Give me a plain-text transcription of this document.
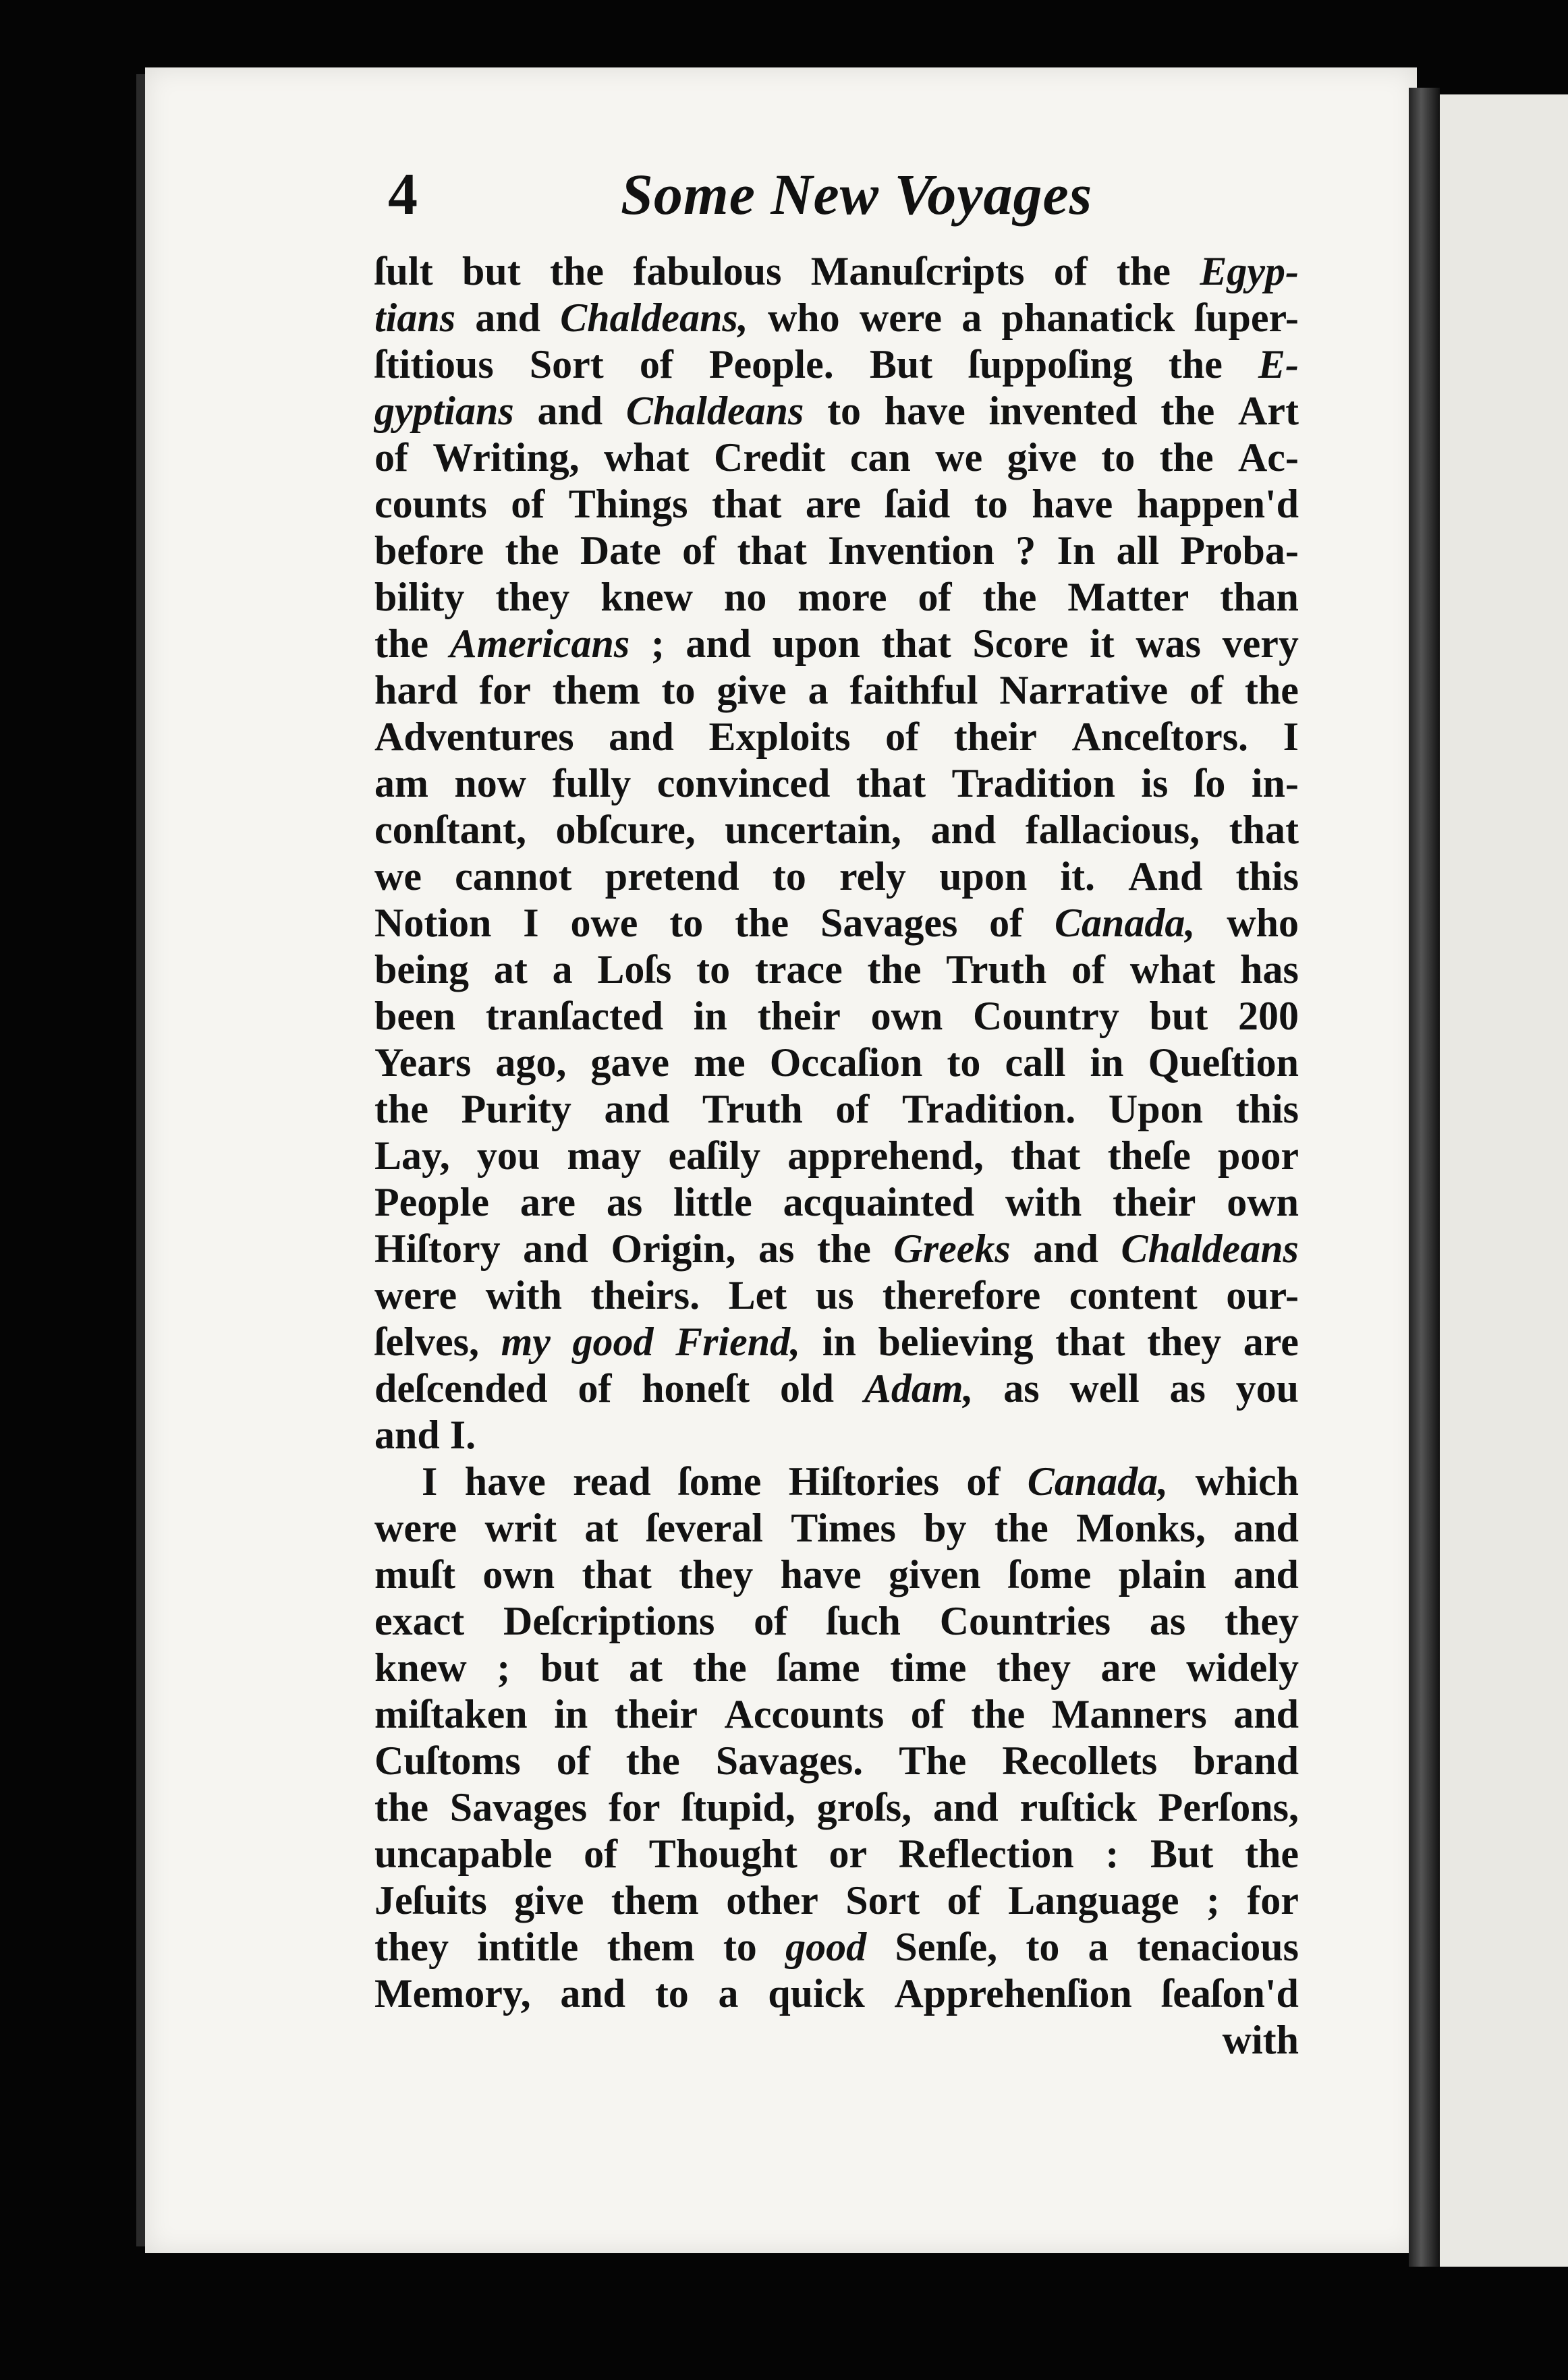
4	Some New Voyages
ſult but the fabulous Manuſcripts of the Egyp-
tians and Chaldeans, who were a phanatick ſuper-
ſtitious Sort of People. But ſuppoſing the E-
gyptians and Chaldeans to have invented the Art
of Writing, what Credit can we give to the Ac-
counts of Things that are ſaid to have happen'd
before the Date of that Invention ? In all Proba-
bility they knew no more of the Matter than
the Americans ; and upon that Score it was very
hard for them to give a faithful Narrative of the
Adventures and Exploits of their Anceſtors. I
am now fully convinced that Tradition is ſo in-
conſtant, obſcure, uncertain, and fallacious, that
we cannot pretend to rely upon it. And this
Notion I owe to the Savages of Canada, who
being at a Loſs to trace the Truth of what has
been tranſacted in their own Country but 200
Years ago, gave me Occaſion to call in Queſtion
the Purity and Truth of Tradition. Upon this
Lay, you may eaſily apprehend, that theſe poor
People are as little acquainted with their own
Hiſtory and Origin, as the Greeks and Chaldeans
were with theirs. Let us therefore content our-
ſelves, my good Friend, in believing that they are
deſcended of honeſt old Adam, as well as you
and I.
I have read ſome Hiſtories of Canada, which
were writ at ſeveral Times by the Monks, and
muſt own that they have given ſome plain and
exact Deſcriptions of ſuch Countries as they
knew ; but at the ſame time they are widely
miſtaken in their Accounts of the Manners and
Cuſtoms of the Savages. The Recollets brand
the Savages for ſtupid, groſs, and ruſtick Perſons,
uncapable of Thought or Reflection : But the
Jeſuits give them other Sort of Language ; for
they intitle them to good Senſe, to a tenacious
Memory, and to a quick Apprehenſion ſeaſon'd
with
